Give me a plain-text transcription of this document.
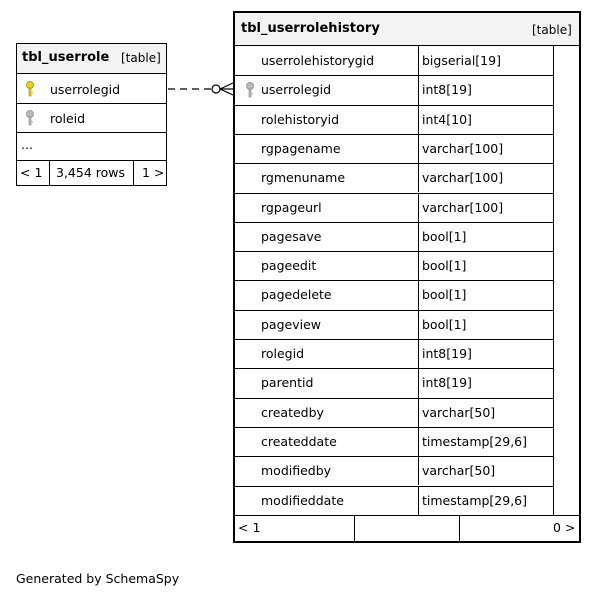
tbl_userrole [table]
userrolegid
roleid
...
< 1 3,454 rows 1 >
tbl_userrolehistory	[table]
userrolehistorygid	bigserial[19]
userrolegid	int8[19]
rolehistoryid	int4[10]
rgpagename	varchar[100]
rgmenuname	varchar[100]
rgpageurl	varchar[100]
pagesave	bool[1]
pageedit	bool[1]
pagedelete	bool[1]
pageview	bool[1]
rolegid	int8[19]
parentid	int8[19]
createdby	varchar[50]
createddate	timestamp[29,6]
modifiedby	varchar[50]
modifieddate	timestamp[29,6]
< 1	0 >
Generated by SchemaSpy
